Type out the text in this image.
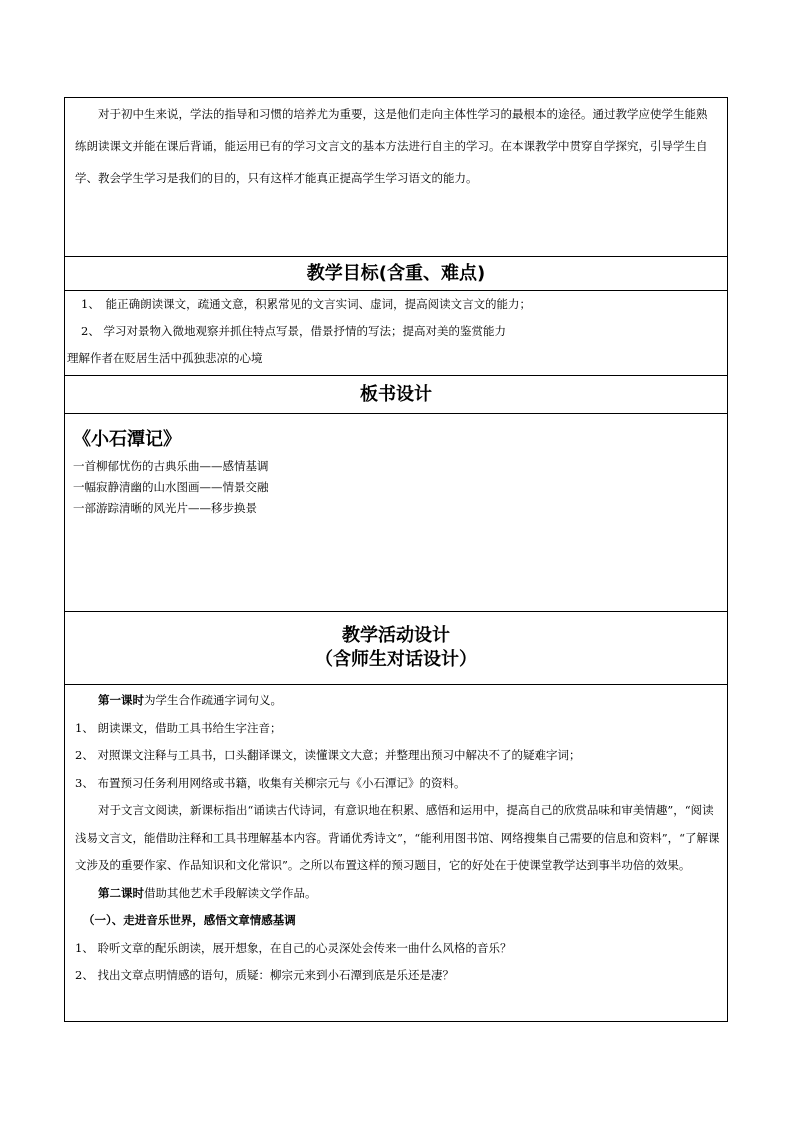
对于初中生来说，学法的指导和习惯的培养尤为重要，这是他们走向主体性学习的最根本的途径。通过教学应使学生能熟练朗读课文并能在课后背诵，能运用已有的学习文言文的基本方法进行自主的学习。在本课教学中贯穿自学探究，引导学生自学、教会学生学习是我们的目的，只有这样才能真正提高学生学习语文的能力。

教学目标(含重、难点)

1、　能正确朗读课文，疏通文意，积累常见的文言实词、虚词，提高阅读文言文的能力；

2、 学习对景物入微地观察并抓住特点写景，借景抒情的写法；提高对美的鉴赏能力

理解作者在贬居生活中孤独悲凉的心境

板书设计

《小石潭记》

一首柳郁忧伤的古典乐曲——感情基调

一幅寂静清幽的山水图画——情景交融

一部游踪清晰的风光片——移步换景

教学活动设计
（含师生对话设计）

第一课时为学生合作疏通字词句义。

1、 朗读课文，借助工具书给生字注音；

2、 对照课文注释与工具书，口头翻译课文，读懂课文大意；并整理出预习中解决不了的疑难字词；

3、 布置预习任务利用网络或书籍，收集有关柳宗元与《小石潭记》的资料。

对于文言文阅读，新课标指出“诵读古代诗词，有意识地在积累、感悟和运用中，提高自己的欣赏品味和审美情趣”，“阅读浅易文言文，能借助注释和工具书理解基本内容。背诵优秀诗文”，“能利用图书馆、网络搜集自己需要的信息和资料”，“了解课文涉及的重要作家、作品知识和文化常识”。之所以布置这样的预习题目，它的好处在于使课堂教学达到事半功倍的效果。

第二课时借助其他艺术手段解读文学作品。

（一）、走进音乐世界，感悟文章情感基调

1、 聆听文章的配乐朗读，展开想象，在自己的心灵深处会传来一曲什么风格的音乐？

2、 找出文章点明情感的语句，质疑：柳宗元来到小石潭到底是乐还是凄？
